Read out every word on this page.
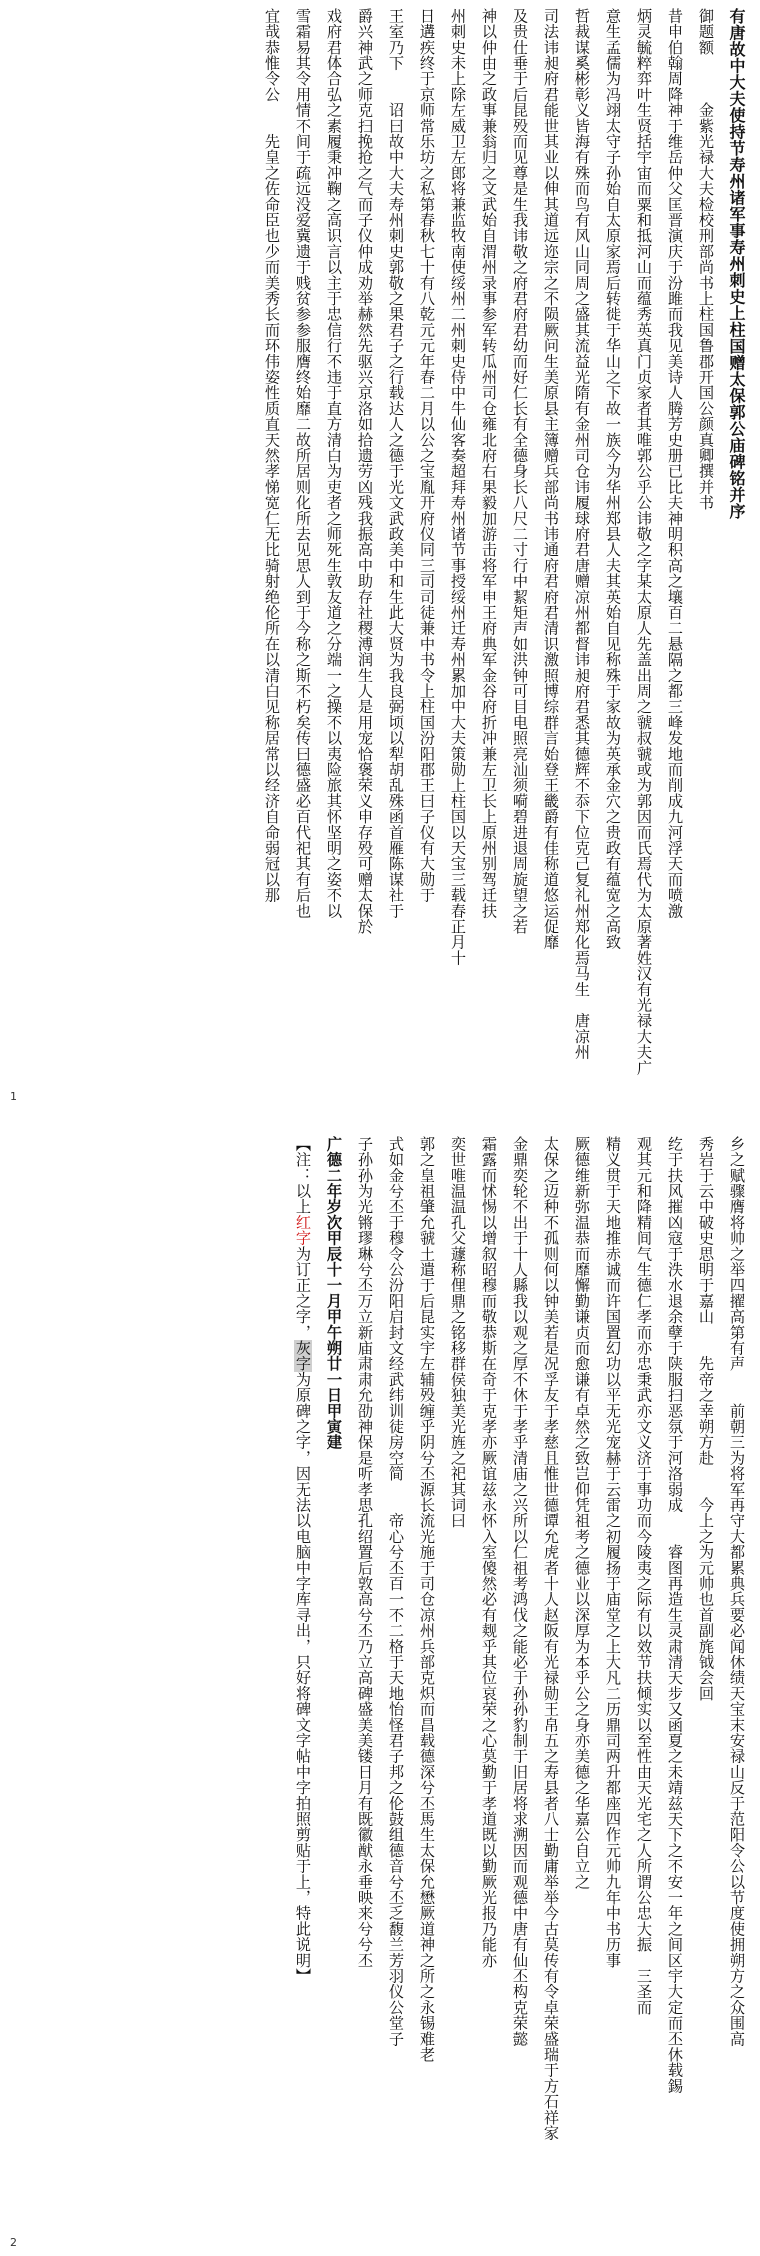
有唐故中大夫使持节寿州诸军事寿州刺史上柱国赠太保郭公庙碑铭并序
御题额　　　金紫光禄大夫检校刑部尚书上柱国鲁郡开国公颜真卿撰并书
昔申伯翰周降神于维岳仲父匡晋演庆于汾雎而我见美诗人腾芳史册已比夫神明积高之壤百二悬隔之都三峰发地而削成九河浮天而喷激
炳灵毓粹弈叶生贤括宇宙而粟和抵河山而蕴秀英真门贞家者其唯郭公乎公讳敬之字某太原人先盖出周之虢叔虢或为郭因而氏焉代为太原著姓汉有光禄大夫广
意生孟儒为冯翊太守子孙始自太原家焉后转徙于华山之下故一族今为华州郑县人夫其英始自见称殊于家故为英承金穴之贵政有蕴宽之高致
哲裁谋奚彬彰义皆海有殊而鸟有风山同周之盛其流益光隋有金州司仓讳履球府君唐赠凉州都督讳昶府君悉其德辉不忝下位克己复礼州郑化焉马生　唐凉州
司法讳昶府君能世其业以伸其道远迩宗之不陨厥问生美原县主簿赠兵部尚书讳通府君府君清识激照博综群言始登王畿爵有佳称道悠运促靡
及贵仕垂于后昆殁而见尊是生我讳敬之府君府君幼而好仁长有全德身长八尺二寸行中絜矩声如洪钟可目电照亮汕须嗬碧进退周旋望之若
神以仲由之政事兼翁归之文武始自渭州录事参军转瓜州司仓雍北府右果毅加游击将军申王府典军金谷府折冲兼左卫长上原州别驾迁扶
州刺史未上除左威卫左郎将兼监牧南使绥州二州刺史侍中牛仙客奏超拜寿州诸节事授绥州迁寿州累加中大夫策勋上柱国以天宝三载春正月十
日遘疾终于京师常乐坊之私第春秋七十有八乾元元年春二月以公之宝胤开府仪同三司司徒兼中书令上柱国汾阳郡王曰子仪有大勋于
王室乃下　　诏曰故中大夫寿州刺史郭敬之果君子之行载达人之德于光文武政美中和生此大贤为我良弼顷以犁胡乱殊函首雁陈谋社于
爵兴神武之师克扫挽抢之气而子仪仲成劝举赫然先驱兴京洛如拾遗劳凶残我振高中助存社稷溥润生人是用宠恰褒荣义申存殁可赠太保於
戏府君体合弘之素履秉冲鞠之高识言以主于忠信行不违于直方清白为吏者之师死生敦友道之分端一之操不以夷险旅其怀坚明之姿不以
雪霜易其令用情不间于疏远没爱冀遗于贱贫参参服膺终始靡二故所居则化所去见思人到于今称之斯不朽矣传曰德盛必百代祀其有后也
宜哉恭惟令公　　先皇之佐命臣也少而美秀长而环伟姿性质直天然孝悌宽仁无比骑射绝伦所在以清白见称居常以经济自命弱冠以那
1
乡之赋骤膺将帅之举四擢高第有声　　前朝三为将军再守大都累典兵要必闻休绩天宝末安禄山反于范阳令公以节度使拥朔方之众围高
秀岩于云中破史思明于嘉山　　先帝之幸朔方赴　　今上之为元帅也首副旄钺会回
纥于扶风摧凶寇于泆水退余孽于陕服扫恶氛于河洛弱成　　睿图再造生灵肃清天步又函夏之未靖兹天下之不安一年之间区宇大定而丕休载錫
观其元和降精间气生德仁孝而亦忠秉武亦文义济于事功而今陵夷之际有以效节扶倾实以至性由天光宅之人所谓公忠大振　三圣而
精义贯于天地推赤诚而许国置幻功以平无光宠赫于云雷之初履扬于庙堂之上大凡二历鼎司两升都座四作元帅九年中书历事
厥德维新弥温恭而靡懈勤谦贞而愈谦有卓然之致岂仰凭祖考之德业以深厚为本乎公之身亦美德之华嘉公自立之
太保之迈种不孤则何以钟美若是况孚友于孝慈且惟世德谭允虎者十人赵阪有光禄勋王帛五之寿县者八士勤庸举举今古莫传有令卓荣盛瑞于方石祥家
金鼎奕轮不出于十人縣我以观之厚不休于孝乎清庙之兴所以仁祖考鸿伐之能必于孙孙豹制于旧居将求溯因而观德中唐有仙丕构克荣懿
霜露而怵惕以增叙昭穆而敬恭斯在奇于克孝亦厥谊兹永怀入室傻然必有觌乎其位哀荣之心莫勤于孝道既以勤厥光报乃能亦
奕世唯温温孔父蘧称俚鼎之铭移群侯独美光旌之祀其词曰
郭之皇祖肇允虢土遣于后昆实宇左辅殁缠乎阴兮丕源长流光施于司仓凉州兵部克炽而昌载德深兮丕馬生太保允懋厥道神之所之永锡难老
式如金兮丕于穆令公汾阳启封文经武纬训徒房空简　　帝心兮丕百一不二格于天地怡怪君子邦之伦鼓组德音兮丕乏馥兰芳羽仪公堂子
子孙孙为光锵璆琳兮丕万立新庙肃肃允劭神保是听孝思孔绍置后敦高兮丕乃立高碑盛美美镂日月有既徽猷永垂映来兮兮丕
广德二年岁次甲辰十一月甲午朔廿一日甲寅建
【注：以上红字为订正之字，灰字为原碑之字，因无法以电脑中字库寻出，只好将碑文字帖中字拍照剪贴于上，特此说明】
2
